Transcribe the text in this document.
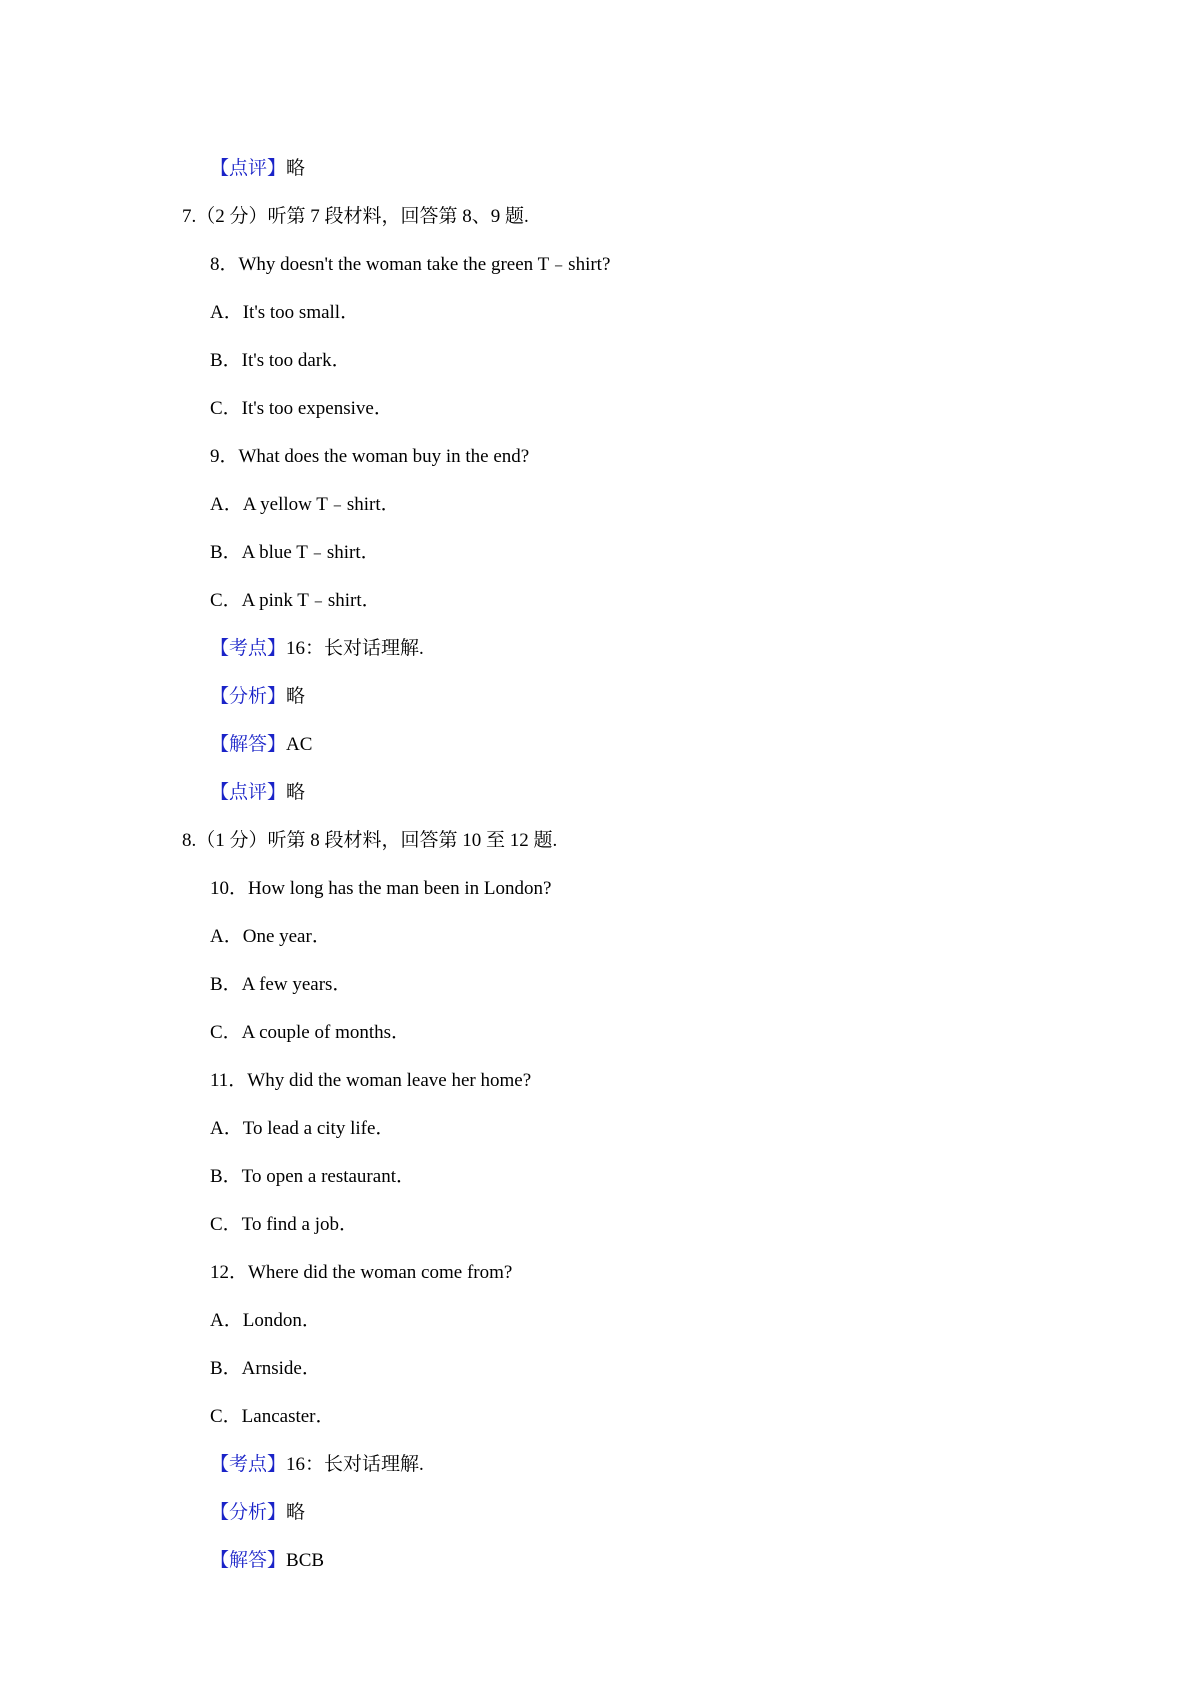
【点评】略
7.（2 分）听第 7 段材料，回答第 8、9 题.
8．Why doesn't the woman take the green T﹣shirt?
A．It's too small．
B．It's too dark．
C．It's too expensive．
9．What does the woman buy in the end?
A．A yellow T﹣shirt．
B．A blue T﹣shirt．
C．A pink T﹣shirt．
【考点】16：长对话理解.
【分析】略
【解答】AC
【点评】略
8.（1 分）听第 8 段材料，回答第 10 至 12 题.
10．How long has the man been in London?
A．One year．
B．A few years．
C．A couple of months．
11．Why did the woman leave her home?
A．To lead a city life．
B．To open a restaurant．
C．To find a job．
12．Where did the woman come from?
A．London．
B．Arnside．
C．Lancaster．
【考点】16：长对话理解.
【分析】略
【解答】BCB
